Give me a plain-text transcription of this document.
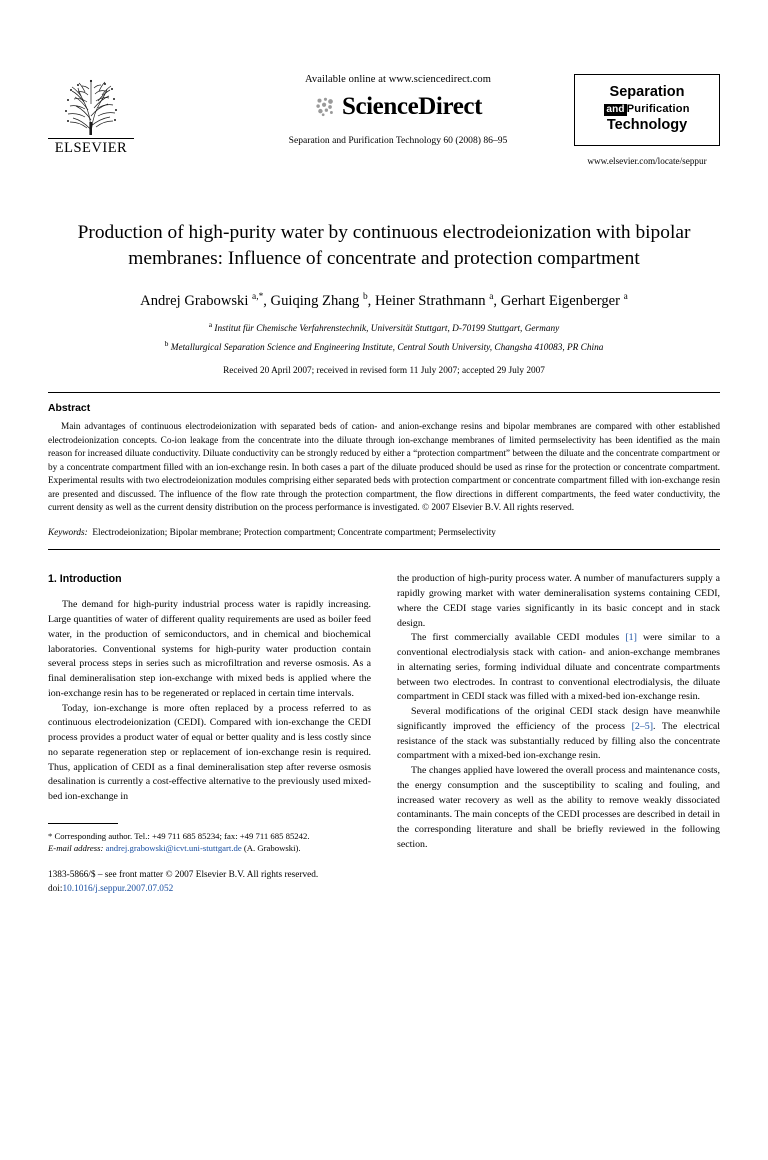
ELSEVIER
Available online at www.sciencedirect.com
ScienceDirect
Separation and Purification Technology 60 (2008) 86–95
Separation
and Purification
Technology
www.elsevier.com/locate/seppur
Production of high-purity water by continuous electrodeionization with bipolar membranes: Influence of concentrate and protection compartment
Andrej Grabowski $^{a,*}$, Guiqing Zhang $^b$, Heiner Strathmann $^a$, Gerhart Eigenberger $^a$
$^a$ Institut für Chemische Verfahrenstechnik, Universität Stuttgart, D-70199 Stuttgart, Germany
$^b$ Metallurgical Separation Science and Engineering Institute, Central South University, Changsha 410083, PR China
Received 20 April 2007; received in revised form 11 July 2007; accepted 29 July 2007
Abstract
Main advantages of continuous electrodeionization with separated beds of cation- and anion-exchange resins and bipolar membranes are compared with other established electrodeionization concepts. Co-ion leakage from the concentrate into the diluate through ion-exchange membranes of limited permselectivity has been identified as the main reason for increased diluate conductivity. Diluate conductivity can be strongly reduced by either a “protection compartment” between the diluate and the concentrate compartment or by a concentrate compartment filled with an ion-exchange resin. In both cases a part of the diluate produced should be used as rinse for the protection or concentrate compartment. Experimental results with two electrodeionization modules comprising either separated beds with protection compartment or concentrate compartment filled with ion-exchange resin are presented and discussed. The influence of the flow rate through the protection compartment, the flow directions in different compartments, the feed water conductivity, the current density as well as the current density distribution on the process performance is investigated. © 2007 Elsevier B.V. All rights reserved.
Keywords: Electrodeionization; Bipolar membrane; Protection compartment; Concentrate compartment; Permselectivity
1. Introduction

The demand for high-purity industrial process water is rapidly increasing. Large quantities of water of different quality requirements are used as boiler feed water, in the production of semiconductors, and in chemical and biochemical laboratories. Conventional systems for high-purity water production contain several process steps in series such as microfiltration and reverse osmosis. As a final demineralisation step ion-exchange with mixed beds is applied where the ion-exchange resin has to be regenerated or replaced in certain time intervals.

Today, ion-exchange is more often replaced by a process referred to as continuous electrodeionization (CEDI). Compared with ion-exchange the CEDI process provides a product water of equal or better quality and is less costly since no separate regeneration step or replacement of ion-exchange resin is required. Thus, application of CEDI as a final demineralisation step after reverse osmosis desalination is currently a cost-effective alternative to the previously used mixed-bed ion-exchange in

* Corresponding author. Tel.: +49 711 685 85234; fax: +49 711 685 85242.
E-mail address: andrej.grabowski@icvt.uni-stuttgart.de (A. Grabowski).
1383-5866/$ – see front matter © 2007 Elsevier B.V. All rights reserved.
doi:10.1016/j.seppur.2007.07.052

the production of high-purity process water. A number of manufacturers supply a rapidly growing market with water demineralisation systems containing CEDI, where the CEDI stage varies significantly in its basic concept and in stack design.

The first commercially available CEDI modules [1] were similar to a conventional electrodialysis stack with cation- and anion-exchange membranes in alternating series, forming individual diluate and concentrate compartments between two electrodes. In contrast to conventional electrodialysis, the diluate compartment in CEDI stack was filled with a mixed-bed ion-exchange resin.

Several modifications of the original CEDI stack design have meanwhile significantly improved the efficiency of the process [2–5]. The electrical resistance of the stack was substantially reduced by filling also the concentrate compartment with a mixed-bed ion-exchange resin.

The changes applied have lowered the overall process and maintenance costs, the energy consumption and the susceptibility to scaling and fouling, and increased water recovery as well as the ability to remove weakly dissociated contaminants. The main concepts of the CEDI processes are described in detail in the corresponding literature and shall be briefly reviewed in the following section.
